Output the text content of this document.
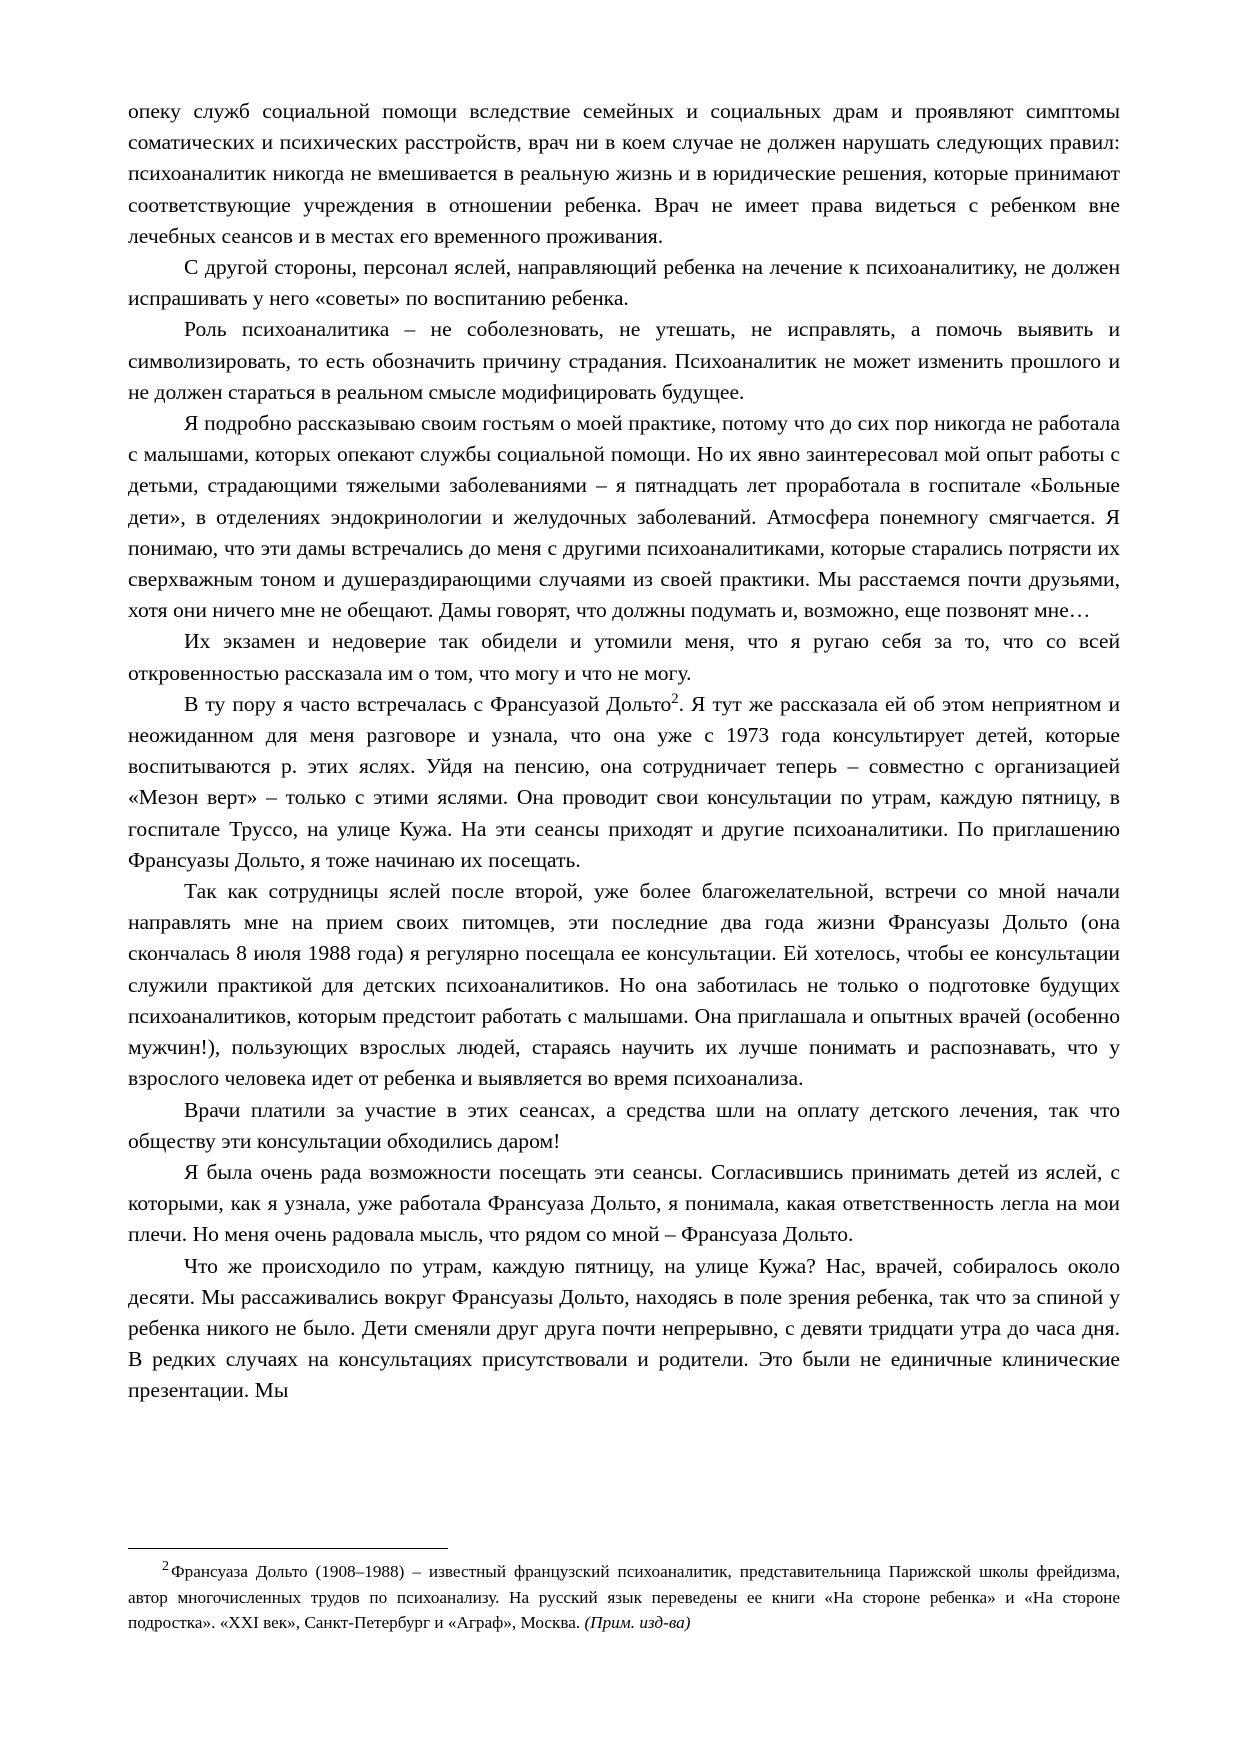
опеку служб социальной помощи вследствие семейных и социальных драм и проявляют симптомы соматических и психических расстройств, врач ни в коем случае не должен нарушать следующих правил: психоаналитик никогда не вмешивается в реальную жизнь и в юридические решения, которые принимают соответствующие учреждения в отношении ребенка. Врач не имеет права видеться с ребенком вне лечебных сеансов и в местах его временного проживания.

С другой стороны, персонал яслей, направляющий ребенка на лечение к психоаналитику, не должен испрашивать у него «советы» по воспитанию ребенка.

Роль психоаналитика – не соболезновать, не утешать, не исправлять, а помочь выявить и символизировать, то есть обозначить причину страдания. Психоаналитик не может изменить прошлого и не должен стараться в реальном смысле модифицировать будущее.

Я подробно рассказываю своим гостьям о моей практике, потому что до сих пор никогда не работала с малышами, которых опекают службы социальной помощи. Но их явно заинтересовал мой опыт работы с детьми, страдающими тяжелыми заболеваниями – я пятнадцать лет проработала в госпитале «Больные дети», в отделениях эндокринологии и желудочных заболеваний. Атмосфера понемногу смягчается. Я понимаю, что эти дамы встречались до меня с другими психоаналитиками, которые старались потрясти их сверхважным тоном и душераздирающими случаями из своей практики. Мы расстаемся почти друзьями, хотя они ничего мне не обещают. Дамы говорят, что должны подумать и, возможно, еще позвонят мне…

Их экзамен и недоверие так обидели и утомили меня, что я ругаю себя за то, что со всей откровенностью рассказала им о том, что могу и что не могу.

В ту пору я часто встречалась с Франсуазой Дольто$^2$. Я тут же рассказала ей об этом неприятном и неожиданном для меня разговоре и узнала, что она уже с 1973 года консультирует детей, которые воспитываются р. этих яслях. Уйдя на пенсию, она сотрудничает теперь – совместно с организацией «Мезон верт» – только с этими яслями. Она проводит свои консультации по утрам, каждую пятницу, в госпитале Труссо, на улице Кужа. На эти сеансы приходят и другие психоаналитики. По приглашению Франсуазы Дольто, я тоже начинаю их посещать.

Так как сотрудницы яслей после второй, уже более благожелательной, встречи со мной начали направлять мне на прием своих питомцев, эти последние два года жизни Франсуазы Дольто (она скончалась 8 июля 1988 года) я регулярно посещала ее консультации. Ей хотелось, чтобы ее консультации служили практикой для детских психоаналитиков. Но она заботилась не только о подготовке будущих психоаналитиков, которым предстоит работать с малышами. Она приглашала и опытных врачей (особенно мужчин!), пользующих взрослых людей, стараясь научить их лучше понимать и распознавать, что у взрослого человека идет от ребенка и выявляется во время психоанализа.

Врачи платили за участие в этих сеансах, а средства шли на оплату детского лечения, так что обществу эти консультации обходились даром!

Я была очень рада возможности посещать эти сеансы. Согласившись принимать детей из яслей, с которыми, как я узнала, уже работала Франсуаза Дольто, я понимала, какая ответственность легла на мои плечи. Но меня очень радовала мысль, что рядом со мной – Франсуаза Дольто.

Что же происходило по утрам, каждую пятницу, на улице Кужа? Нас, врачей, собиралось около десяти. Мы рассаживались вокруг Франсуазы Дольто, находясь в поле зрения ребенка, так что за спиной у ребенка никого не было. Дети сменяли друг друга почти непрерывно, с девяти тридцати утра до часа дня. В редких случаях на консультациях присутствовали и родители. Это были не единичные клинические презентации. Мы

$^2$ Франсуаза Дольто (1908–1988) – известный французский психоаналитик, представительница Парижской школы фрейдизма, автор многочисленных трудов по психоанализу. На русский язык переведены ее книги «На стороне ребенка» и «На стороне подростка». «XXI век», Санкт-Петербург и «Аграф», Москва. (Прим. изд-ва)
